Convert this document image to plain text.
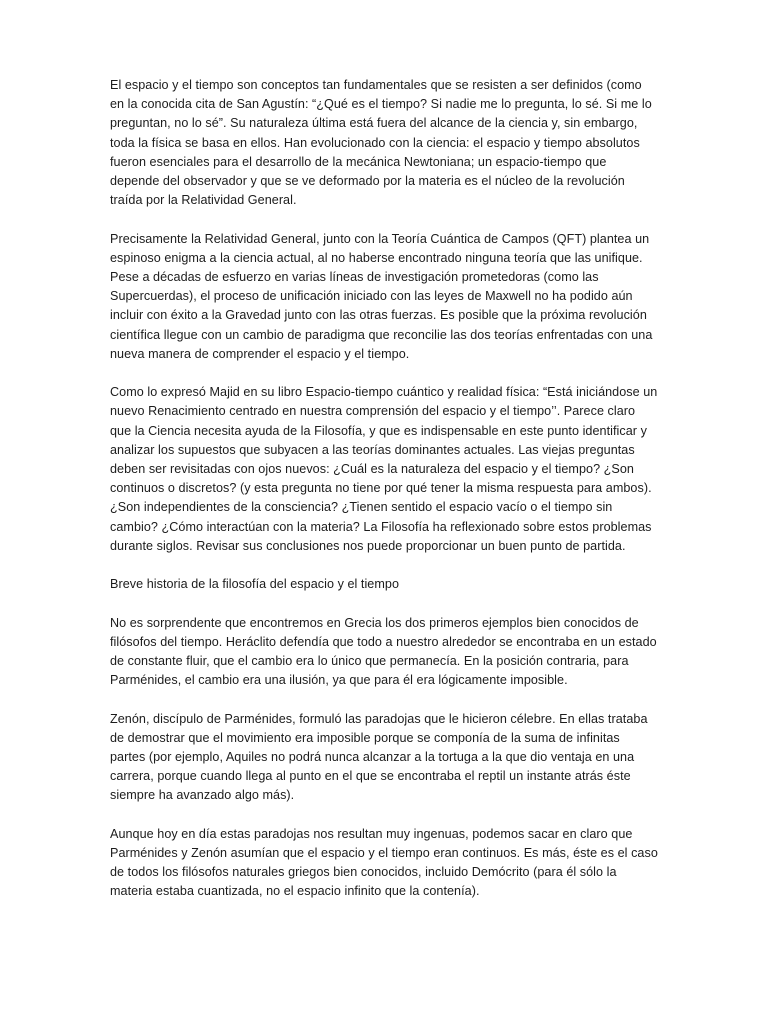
El espacio y el tiempo son conceptos tan fundamentales que se resisten a ser definidos (como en la conocida cita de San Agustín: “¿Qué es el tiempo? Si nadie me lo pregunta, lo sé. Si me lo preguntan, no lo sé”. Su naturaleza última está fuera del alcance de la ciencia y, sin embargo, toda la física se basa en ellos. Han evolucionado con la ciencia: el espacio y tiempo absolutos fueron esenciales para el desarrollo de la mecánica Newtoniana; un espacio-tiempo que depende del observador y que se ve deformado por la materia es el núcleo de la revolución traída por la Relatividad General.

Precisamente la Relatividad General, junto con la Teoría Cuántica de Campos (QFT) plantea un espinoso enigma a la ciencia actual, al no haberse encontrado ninguna teoría que las unifique. Pese a décadas de esfuerzo en varias líneas de investigación prometedoras (como las Supercuerdas), el proceso de unificación iniciado con las leyes de Maxwell no ha podido aún incluir con éxito a la Gravedad junto con las otras fuerzas. Es posible que la próxima revolución científica llegue con un cambio de paradigma que reconcilie las dos teorías enfrentadas con una nueva manera de comprender el espacio y el tiempo.

Como lo expresó Majid en su libro Espacio-tiempo cuántico y realidad física: “Está iniciándose un nuevo Renacimiento centrado en nuestra comprensión del espacio y el tiempo’’. Parece claro que la Ciencia necesita ayuda de la Filosofía, y que es indispensable en este punto identificar y analizar los supuestos que subyacen a las teorías dominantes actuales. Las viejas preguntas deben ser revisitadas con ojos nuevos: ¿Cuál es la naturaleza del espacio y el tiempo? ¿Son continuos o discretos? (y esta pregunta no tiene por qué tener la misma respuesta para ambos). ¿Son independientes de la consciencia? ¿Tienen sentido el espacio vacío o el tiempo sin cambio? ¿Cómo interactúan con la materia? La Filosofía ha reflexionado sobre estos problemas durante siglos. Revisar sus conclusiones nos puede proporcionar un buen punto de partida.

Breve historia de la filosofía del espacio y el tiempo

No es sorprendente que encontremos en Grecia los dos primeros ejemplos bien conocidos de filósofos del tiempo. Heráclito defendía que todo a nuestro alrededor se encontraba en un estado de constante fluir, que el cambio era lo único que permanecía. En la posición contraria, para Parménides, el cambio era una ilusión, ya que para él era lógicamente imposible.

Zenón, discípulo de Parménides, formuló las paradojas que le hicieron célebre. En ellas trataba de demostrar que el movimiento era imposible porque se componía de la suma de infinitas partes (por ejemplo, Aquiles no podrá nunca alcanzar a la tortuga a la que dio ventaja en una carrera, porque cuando llega al punto en el que se encontraba el reptil un instante atrás éste siempre ha avanzado algo más).

Aunque hoy en día estas paradojas nos resultan muy ingenuas, podemos sacar en claro que Parménides y Zenón asumían que el espacio y el tiempo eran continuos. Es más, éste es el caso de todos los filósofos naturales griegos bien conocidos, incluido Demócrito (para él sólo la materia estaba cuantizada, no el espacio infinito que la contenía).
